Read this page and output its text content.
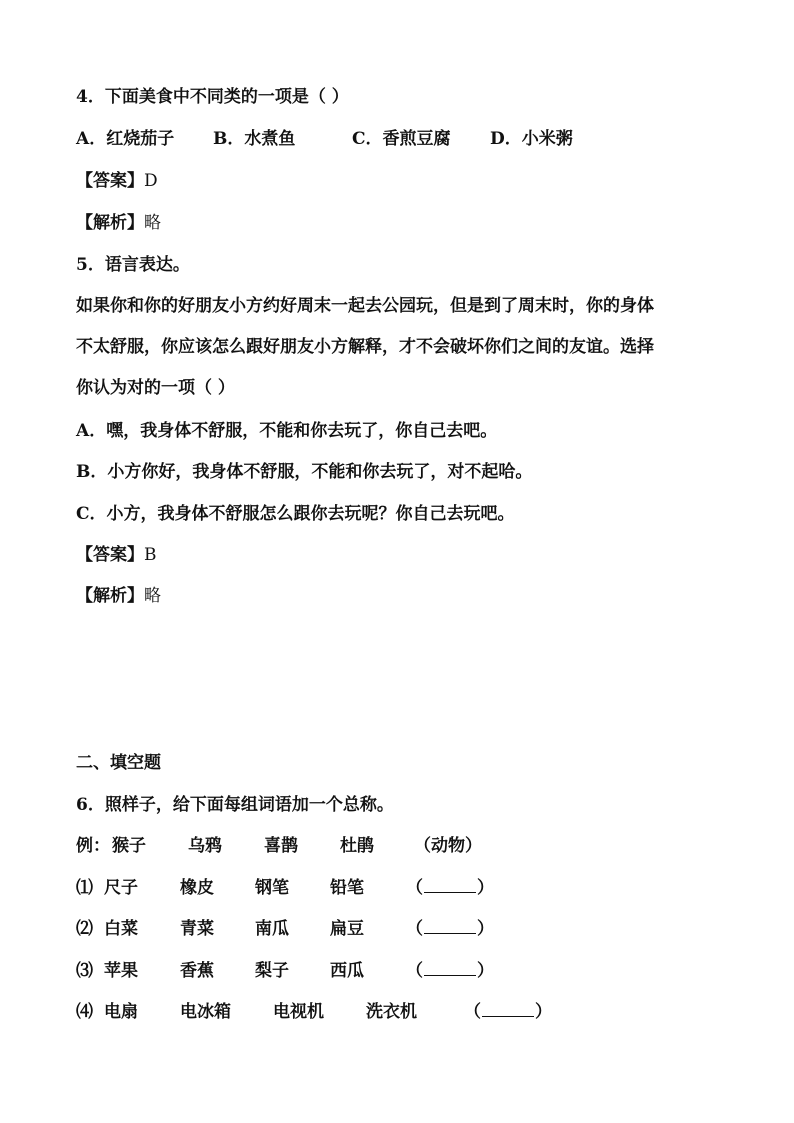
4．下面美食中不同类的一项是（ ）
A．红烧茄子 B．水煮鱼	C．香煎豆腐 D．小米粥
【答案】D
【解析】略
5．语言表达。
如果你和你的好朋友小方约好周末一起去公园玩，但是到了周末时，你的身体
不太舒服，你应该怎么跟好朋友小方解释，才不会破坏你们之间的友谊。选择
你认为对的一项（ ）
A．嘿，我身体不舒服，不能和你去玩了，你自己去吧。
B．小方你好，我身体不舒服，不能和你去玩了，对不起哈。
C．小方，我身体不舒服怎么跟你去玩呢？你自己去玩吧。
【答案】B
【解析】略
二、填空题
6．照样子，给下面每组词语加一个总称。
例： 猴子 乌鸦 喜鹊 杜鹃 （动物）
⑴ 尺子 橡皮 钢笔 铅笔 （	）
⑵ 白菜 青菜 南瓜 扁豆 （	）
⑶ 苹果 香蕉 梨子 西瓜 （	）
⑷ 电扇 电冰箱 电视机 洗衣机	（	）
